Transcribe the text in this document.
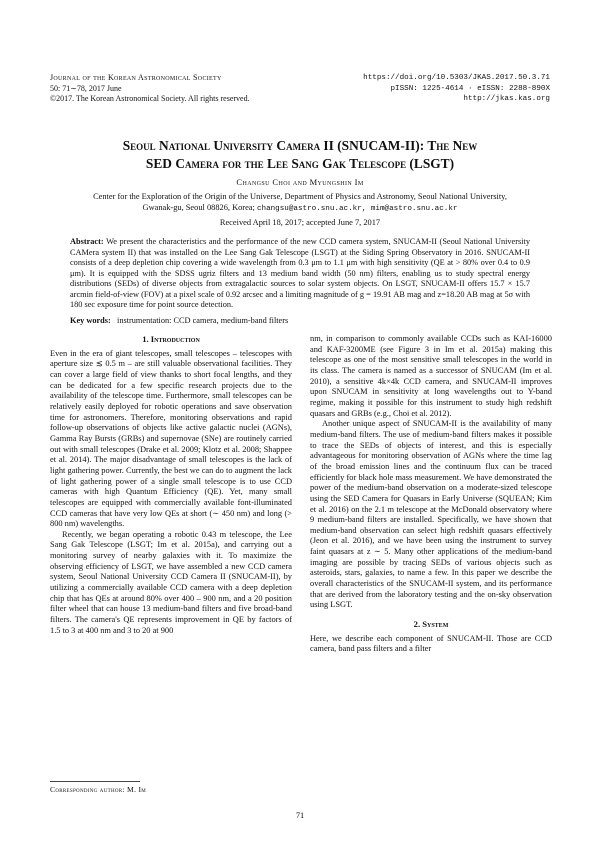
Journal of the Korean Astronomical Society
50: 71∼78, 2017 June
©2017. The Korean Astronomical Society. All rights reserved.
https://doi.org/10.5303/JKAS.2017.50.3.71
pISSN: 1225-4614 · eISSN: 2288-890X
http://jkas.kas.org
Seoul National University Camera II (SNUCAM-II): The New
SED Camera for the Lee Sang Gak Telescope (LSGT)
Changsu Choi and Myungshin Im
Center for the Exploration of the Origin of the Universe, Department of Physics and Astronomy, Seoul National University,
Gwanak-gu, Seoul 08826, Korea; changsu@astro.snu.ac.kr, mim@astro.snu.ac.kr
Received April 18, 2017; accepted June 7, 2017
Abstract: We present the characteristics and the performance of the new CCD camera system, SNUCAM-II (Seoul National University CAMera system II) that was installed on the Lee Sang Gak Telescope (LSGT) at the Siding Spring Observatory in 2016. SNUCAM-II consists of a deep depletion chip covering a wide wavelength from 0.3 μm to 1.1 μm with high sensitivity (QE at > 80% over 0.4 to 0.9 μm). It is equipped with the SDSS ugriz filters and 13 medium band width (50 nm) filters, enabling us to study spectral energy distributions (SEDs) of diverse objects from extragalactic sources to solar system objects. On LSGT, SNUCAM-II offers 15.7 × 15.7 arcmin field-of-view (FOV) at a pixel scale of 0.92 arcsec and a limiting magnitude of g = 19.91 AB mag and z=18.20 AB mag at 5σ with 180 sec exposure time for point source detection.
Key words: instrumentation: CCD camera, medium-band filters
1. Introduction

Even in the era of giant telescopes, small telescopes – telescopes with aperture size ≲ 0.5 m – are still valuable observational facilities. They can cover a large field of view thanks to short focal lengths, and they can be dedicated for a few specific research projects due to the availability of the telescope time. Furthermore, small telescopes can be relatively easily deployed for robotic operations and save observation time for astronomers. Therefore, monitoring observations and rapid follow-up observations of objects like active galactic nuclei (AGNs), Gamma Ray Bursts (GRBs) and supernovae (SNe) are routinely carried out with small telescopes (Drake et al. 2009; Klotz et al. 2008; Shappee et al. 2014). The major disadvantage of small telescopes is the lack of light gathering power. Currently, the best we can do to augment the lack of light gathering power of a single small telescope is to use CCD cameras with high Quantum Efficiency (QE). Yet, many small telescopes are equipped with commercially available font-illuminated CCD cameras that have very low QEs at short (∼ 450 nm) and long (> 800 nm) wavelengths.

Recently, we began operating a robotic 0.43 m telescope, the Lee Sang Gak Telescope (LSGT; Im et al. 2015a), and carrying out a monitoring survey of nearby galaxies with it. To maximize the observing efficiency of LSGT, we have assembled a new CCD camera system, Seoul National University CCD Camera II (SNUCAM-II), by utilizing a commercially available CCD camera with a deep depletion chip that has QEs at around 80% over 400 – 900 nm, and a 20 position filter wheel that can house 13 medium-band filters and five broad-band filters. The camera's QE represents improvement in QE by factors of 1.5 to 3 at 400 nm and 3 to 20 at 900

nm, in comparison to commonly available CCDs such as KAI-16000 and KAF-3200ME (see Figure 3 in Im et al. 2015a) making this telescope as one of the most sensitive small telescopes in the world in its class. The camera is named as a successor of SNUCAM (Im et al. 2010), a sensitive 4k×4k CCD camera, and SNUCAM-II improves upon SNUCAM in sensitivity at long wavelengths out to Y-band regime, making it possible for this instrument to study high redshift quasars and GRBs (e.g., Choi et al. 2012).

Another unique aspect of SNUCAM-II is the availability of many medium-band filters. The use of medium-band filters makes it possible to trace the SEDs of objects of interest, and this is especially advantageous for monitoring observation of AGNs where the time lag of the broad emission lines and the continuum flux can be traced efficiently for black hole mass measurement. We have demonstrated the power of the medium-band observation on a moderate-sized telescope using the SED Camera for Quasars in Early Universe (SQUEAN; Kim et al. 2016) on the 2.1 m telescope at the McDonald observatory where 9 medium-band filters are installed. Specifically, we have shown that medium-band observation can select high redshift quasars effectively (Jeon et al. 2016), and we have been using the instrument to survey faint quasars at z ∼ 5. Many other applications of the medium-band imaging are possible by tracing SEDs of various objects such as asteroids, stars, galaxies, to name a few. In this paper we describe the overall characteristics of the SNUCAM-II system, and its performance that are derived from the laboratory testing and the on-sky observation using LSGT.

2. System

Here, we describe each component of SNUCAM-II. Those are CCD camera, band pass filters and a filter

Corresponding author: M. Im
71
